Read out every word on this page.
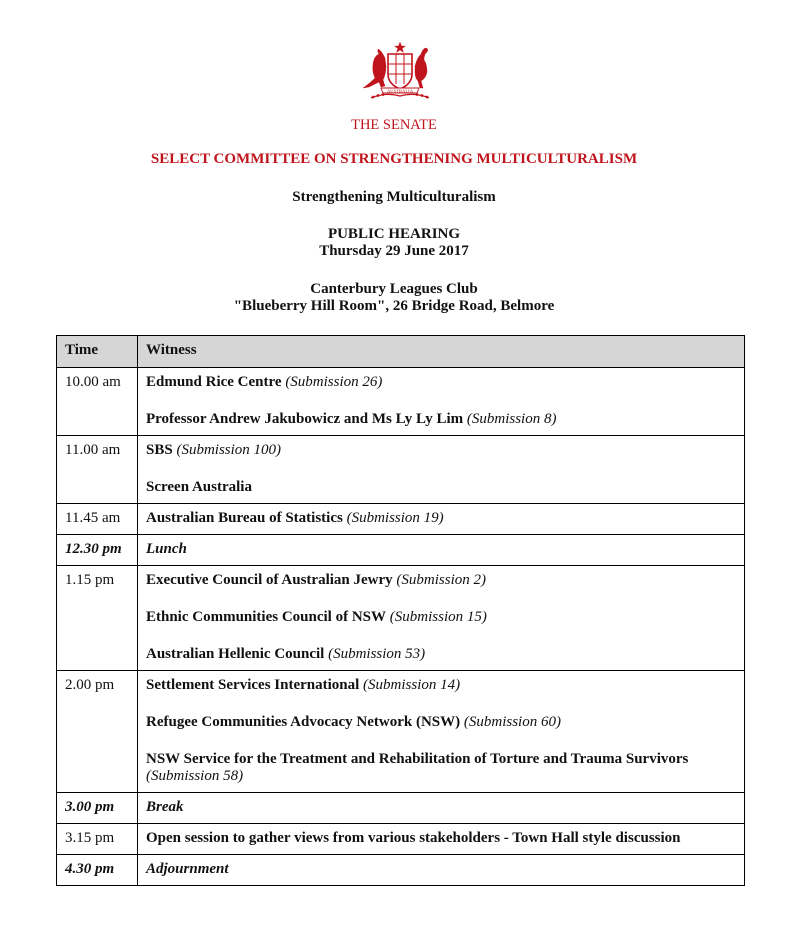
AUSTRALIA
THE SENATE
SELECT COMMITTEE ON STRENGTHENING MULTICULTURALISM
Strengthening Multiculturalism
PUBLIC HEARING
Thursday 29 June 2017
Canterbury Leagues Club
"Blueberry Hill Room", 26 Bridge Road, Belmore
Time	Witness
10.00 am	Edmund Rice Centre (Submission 26)

Professor Andrew Jakubowicz and Ms Ly Ly Lim (Submission 8)

11.00 am	SBS (Submission 100)

Screen Australia

11.45 am	Australian Bureau of Statistics (Submission 19)

12.30 pm	Lunch
1.15 pm	Executive Council of Australian Jewry (Submission 2)

Ethnic Communities Council of NSW (Submission 15)

Australian Hellenic Council (Submission 53)

2.00 pm	Settlement Services International (Submission 14)

Refugee Communities Advocacy Network (NSW) (Submission 60)

NSW Service for the Treatment and Rehabilitation of Torture and Trauma Survivors (Submission 58)

3.00 pm	Break
3.15 pm	Open session to gather views from various stakeholders - Town Hall style discussion

4.30 pm	Adjournment
